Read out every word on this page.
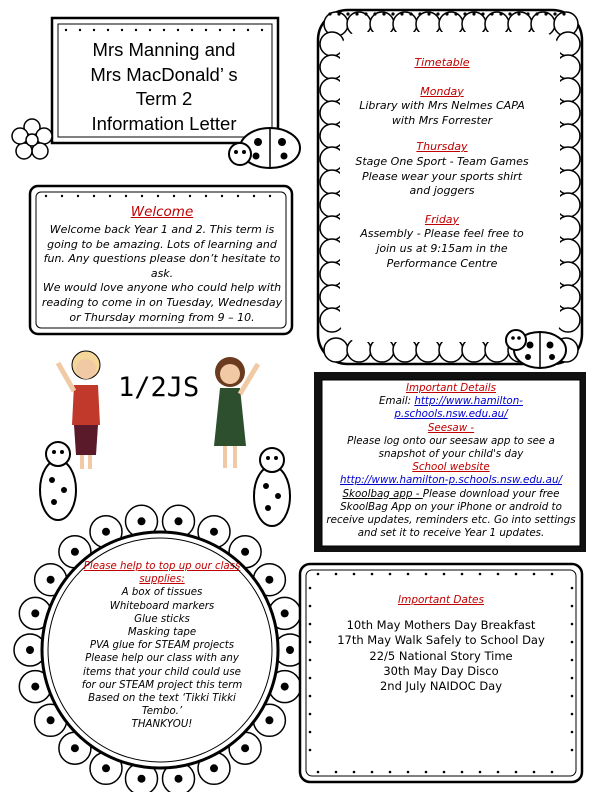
Mrs Manning and
Mrs MacDonald’ s
Term 2
Information Letter
Welcome
Welcome back Year 1 and 2. This term is going to be amazing. Lots of learning and fun. Any questions please don’t hesitate to ask.
We would love anyone who could help with reading to come in on Tuesday, Wednesday or Thursday morning from 9 – 10.
1/2JS
Timetable
Monday
Library with Mrs Nelmes CAPA with Mrs Forrester
Thursday
Stage One Sport - Team Games Please wear your sports shirt and joggers
Friday
Assembly - Please feel free to join us at 9:15am in the Performance Centre
Important Details
Email: http://www.hamilton-p.schools.nsw.edu.au/
Seesaw -
Please log onto our seesaw app to see a snapshot of your child's day
School website
http://www.hamilton-p.schools.nsw.edu.au/
Skoolbag app - Please download your free SkoolBag App on your iPhone or android to receive updates, reminders etc. Go into settings and set it to receive Year 1 updates.
Please help to top up our class supplies:
A box of tissues
Whiteboard markers
Glue sticks
Masking tape
PVA glue for STEAM projects
Please help our class with any items that your child could use for our STEAM project this term Based on the text ‘Tikki Tikki Tembo.’
THANKYOU!
Important Dates
10th May Mothers Day Breakfast
17th May Walk Safely to School Day
22/5 National Story Time
30th May Day Disco
2nd July NAIDOC Day
